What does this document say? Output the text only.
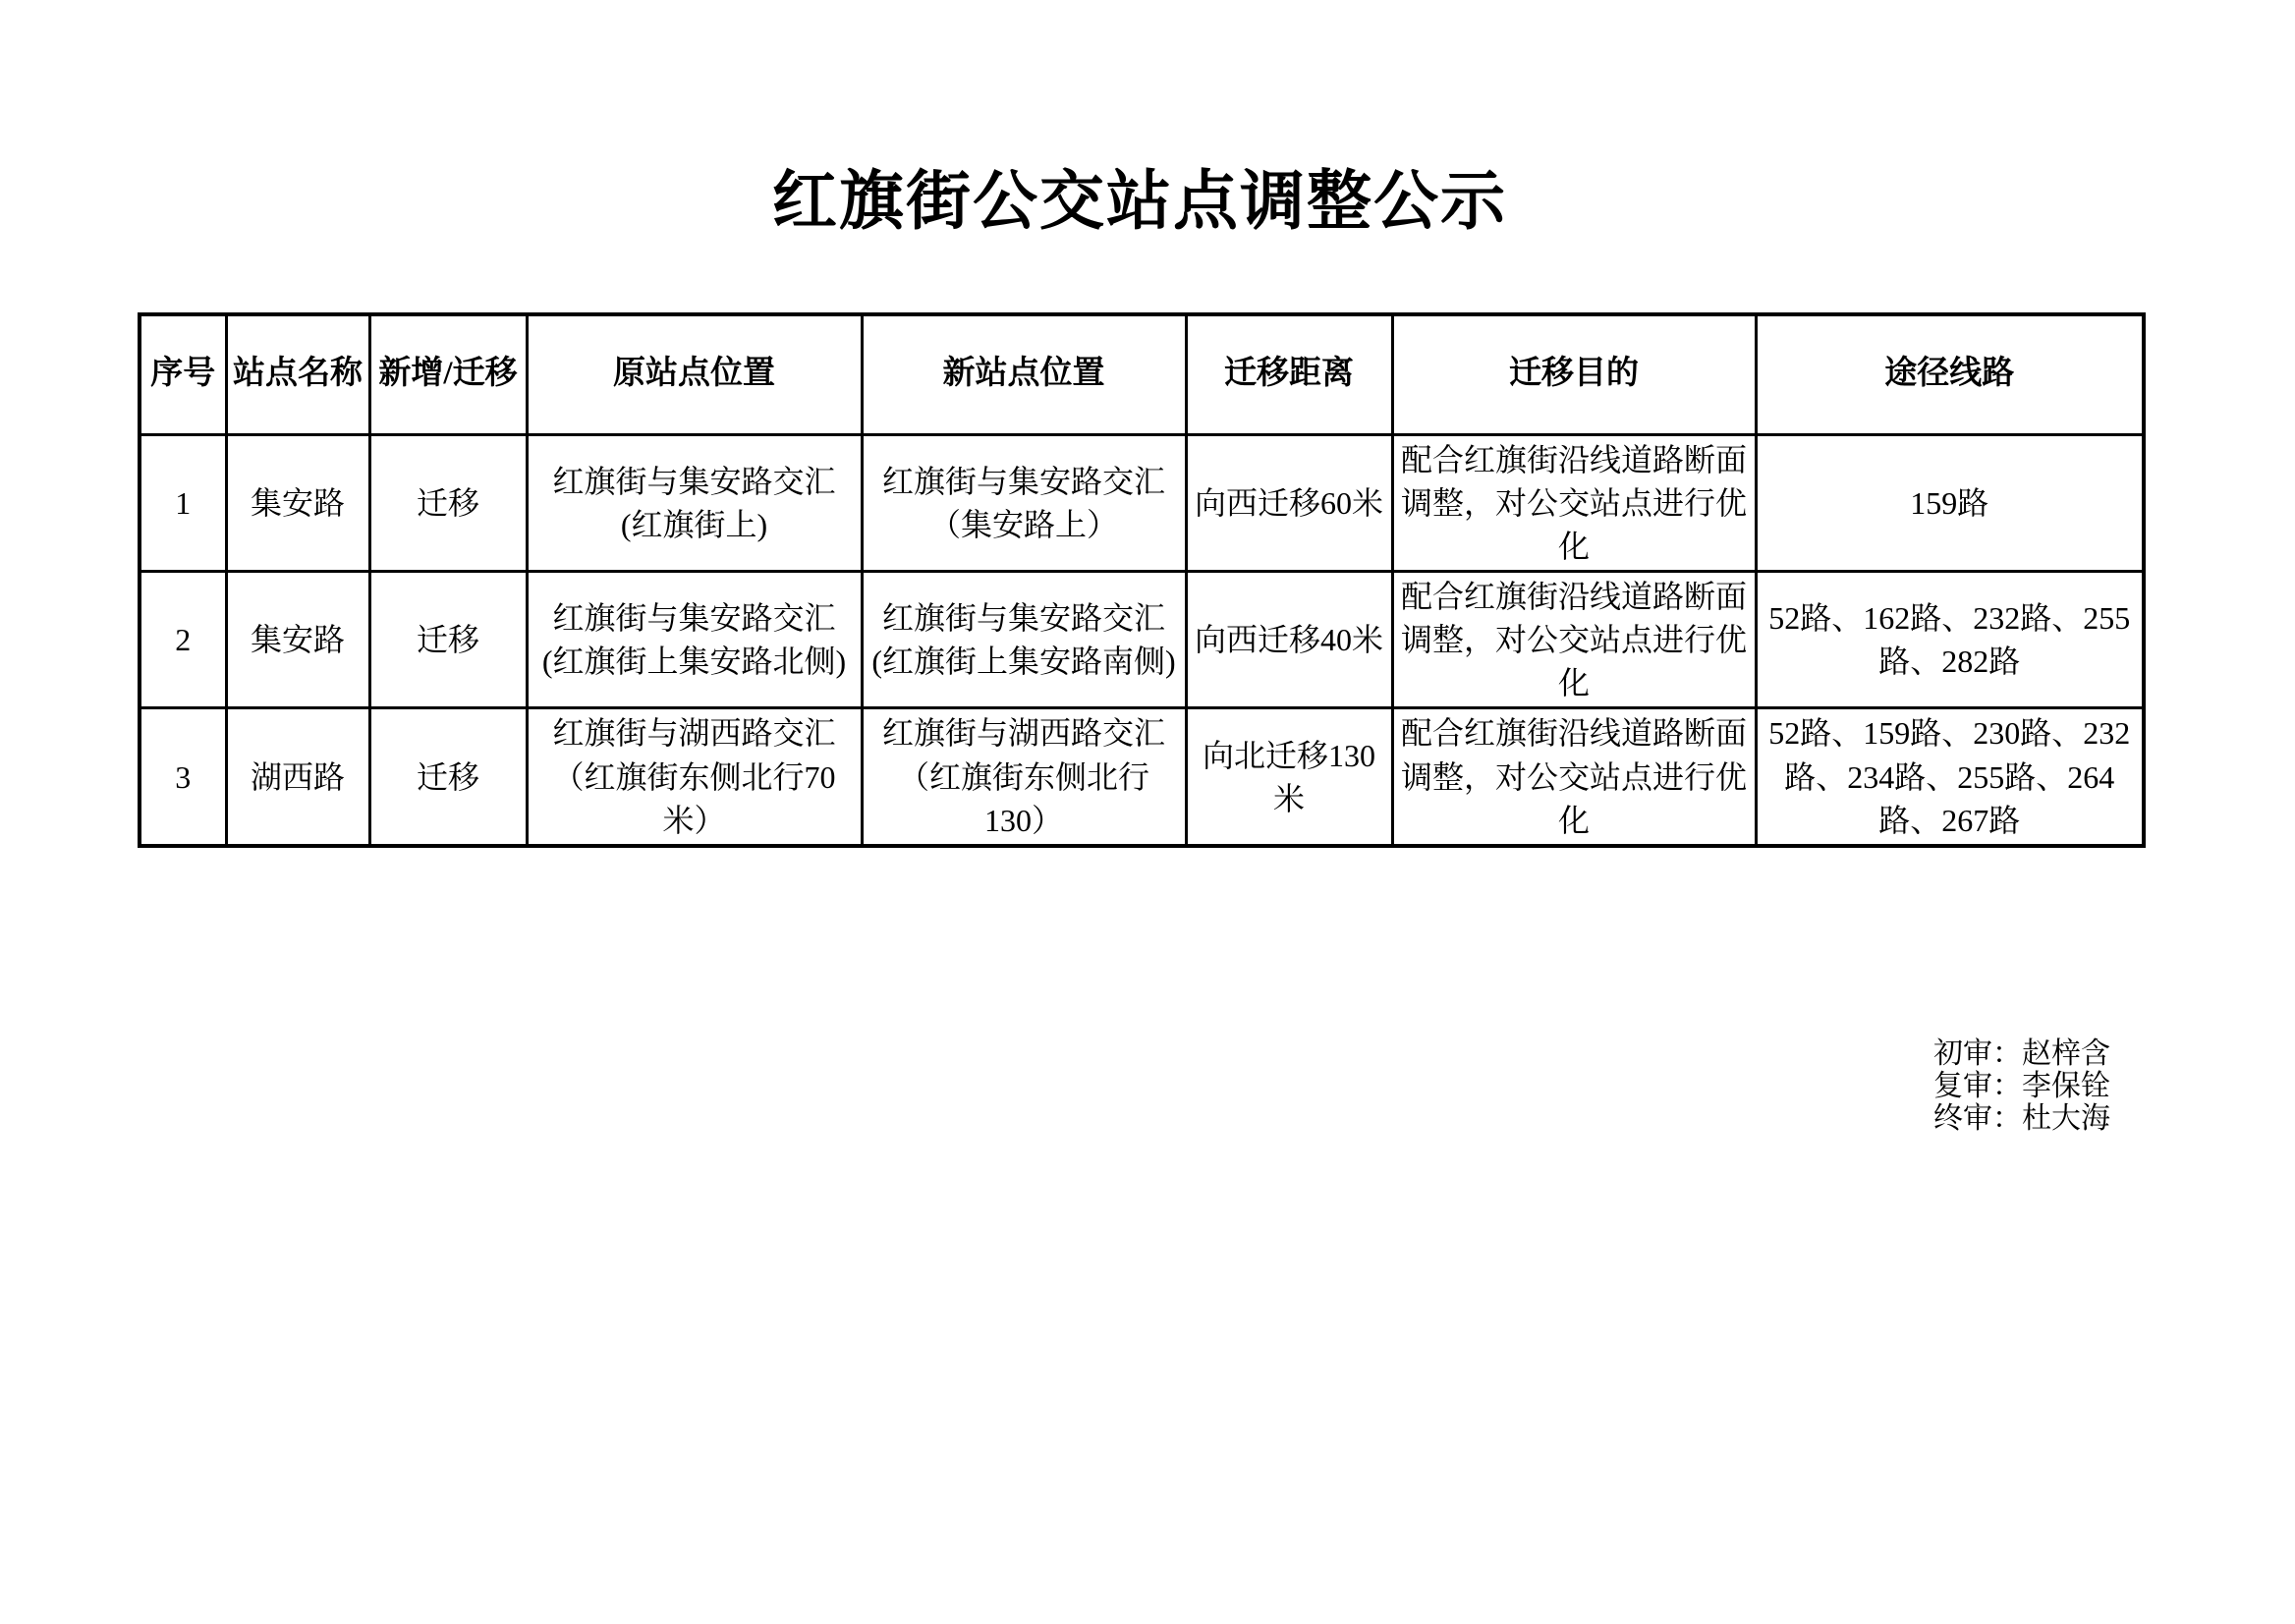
红旗街公交站点调整公示
序号	站点名称	新增/迁移	原站点位置	新站点位置	迁移距离	迁移目的	途径线路
1	集安路	迁移	红旗街与集安路交汇(红旗街上)	红旗街与集安路交汇（集安路上）	向西迁移60米	配合红旗街沿线道路断面调整，对公交站点进行优化	159路
2	集安路	迁移	红旗街与集安路交汇(红旗街上集安路北侧)	红旗街与集安路交汇(红旗街上集安路南侧)	向西迁移40米	配合红旗街沿线道路断面调整，对公交站点进行优化	52路、162路、232路、255路、282路
3	湖西路	迁移	红旗街与湖西路交汇（红旗街东侧北行70米）	红旗街与湖西路交汇（红旗街东侧北行130）	向北迁移130米	配合红旗街沿线道路断面调整，对公交站点进行优化	52路、159路、230路、232路、234路、255路、264路、267路
初审：赵梓含
复审：李保铨
终审：杜大海
